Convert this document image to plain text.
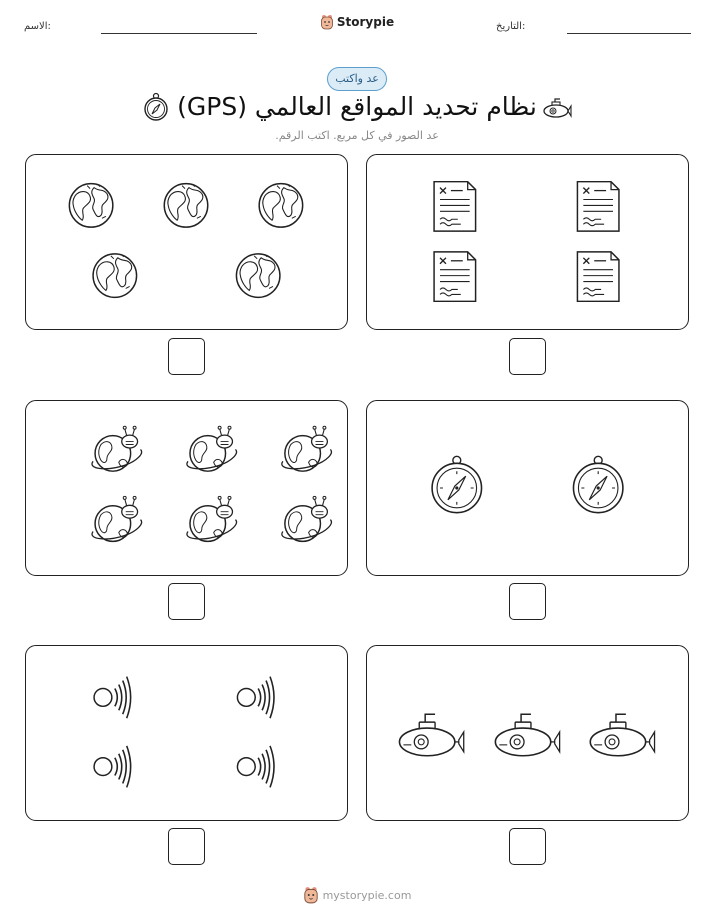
الاسم:	Storypie	التاريخ:
عد واكتب
نظام تحديد المواقع العالمي (GPS)
عد الصور في كل مربع. اكتب الرقم.
mystorypie.com
